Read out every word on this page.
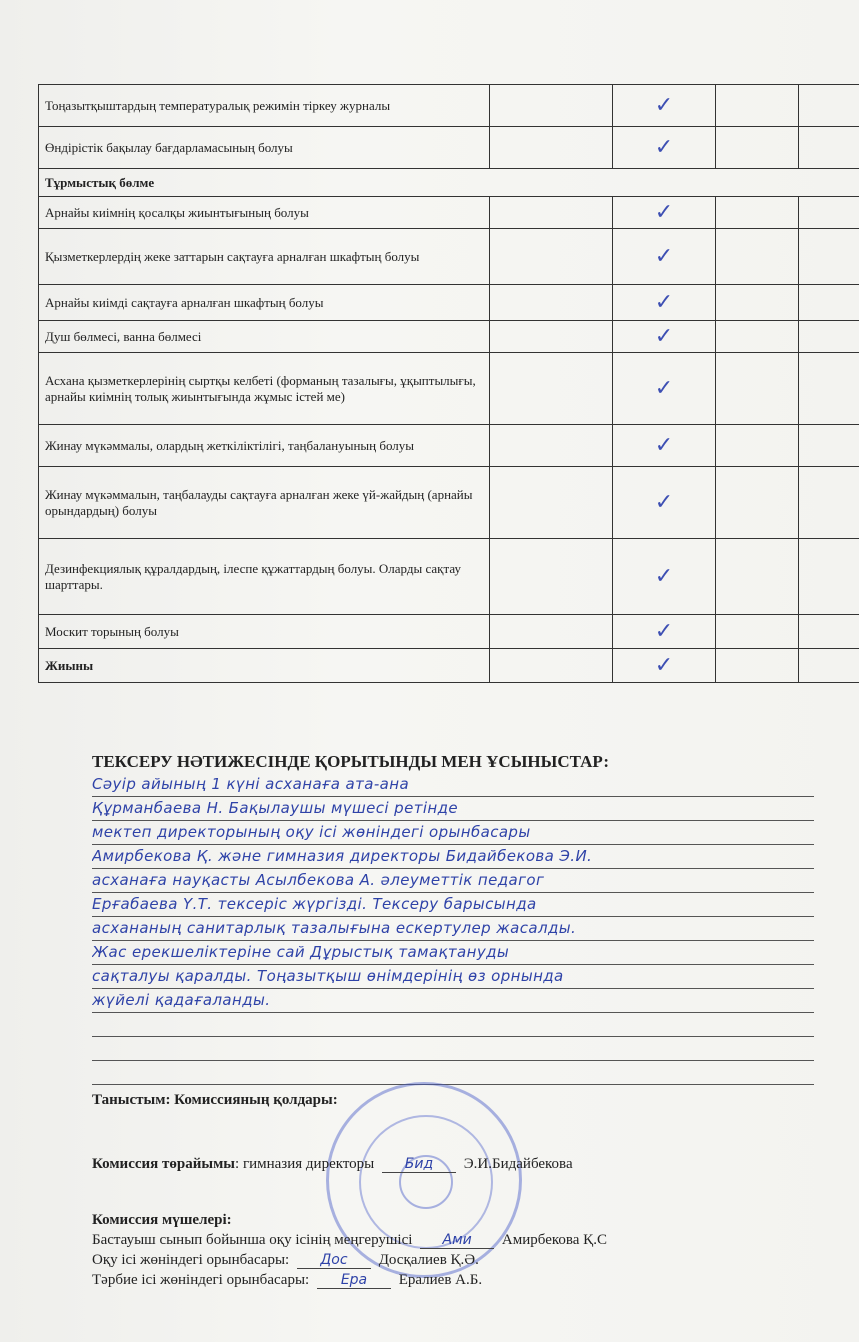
Тоңазытқыштардың температуралық режимін тіркеу журналы		✓		
Өндірістік бақылау бағдарламасының болуы		✓		
Тұрмыстық бөлме				
Арнайы киімнің қосалқы жиынтығының болуы		✓		
Қызметкерлердің жеке заттарын сақтауға арналған шкафтың болуы		✓		
Арнайы киімді сақтауға арналған шкафтың болуы		✓		
Душ бөлмесі, ванна бөлмесі		✓		
Асхана қызметкерлерінің сыртқы келбеті (форманың тазалығы, ұқыптылығы, арнайы киімнің толық жиынтығында жұмыс істей ме)		✓		
Жинау мүкәммалы, олардың жеткіліктілігі, таңбалануының болуы		✓		
Жинау мүкәммалын, таңбалауды сақтауға арналған жеке үй-жайдың (арнайы орындардың) болуы		✓		
Дезинфекциялық құралдардың, ілеспе құжаттардың болуы. Оларды сақтау шарттары.		✓		
Москит торының болуы		✓		
Жиыны		✓		
ТЕКСЕРУ НӘТИЖЕСІНДЕ ҚОРЫТЫНДЫ МЕН ҰСЫНЫСТАР:
Сәуір айының 1 күні асханаға ата-ана
Құрманбаева Н. Бақылаушы мүшесі ретінде
мектеп директорының оқу ісі жөніндегі орынбасары
Амирбекова Қ. және гимназия директоры Бидайбекова Э.И.
асханаға науқасты Асылбекова А. әлеуметтік педагог
Ерғабаева Ү.Т. тексеріс жүргізді. Тексеру барысында
асхананың санитарлық тазалығына ескертулер жасалды.
Жас ерекшеліктеріне сай Дұрыстық тамақтануды
сақталуы қаралды. Тоңазытқыш өнімдерінің өз орнында
жүйелі қадағаланды.
Таныстым: Комиссияның қолдары:
Комиссия төрайымы: гимназия директоры Бид Э.И.Бидайбекова
Комиссия мүшелері:
Бастауыш сынып бойынша оқу ісінің меңгерушісі Ами Амирбекова Қ.С
Оқу ісі жөніндегі орынбасары: Дос Досқалиев Қ.Ә.
Тәрбие ісі жөніндегі орынбасары: Ера Ералиев А.Б.
